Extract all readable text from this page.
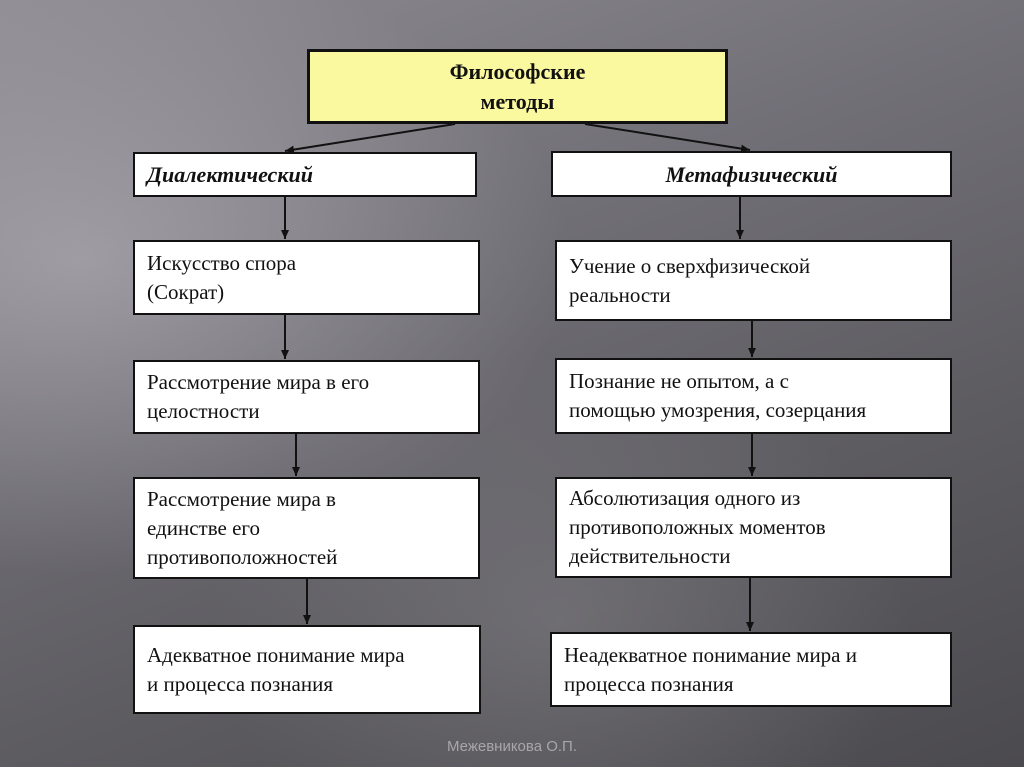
Философские
методы
Диалектический	Метафизический
Искусство спора
(Сократ)
Рассмотрение мира в его
целостности
Рассмотрение мира в
единстве его
противоположностей
Адекватное понимание мира
и процесса познания
Учение о сверхфизической
реальности
Познание не опытом, а с
помощью умозрения, созерцания
Абсолютизация одного из
противоположных моментов
действительности
Неадекватное понимание мира и
процесса познания
Межевникова О.П.
